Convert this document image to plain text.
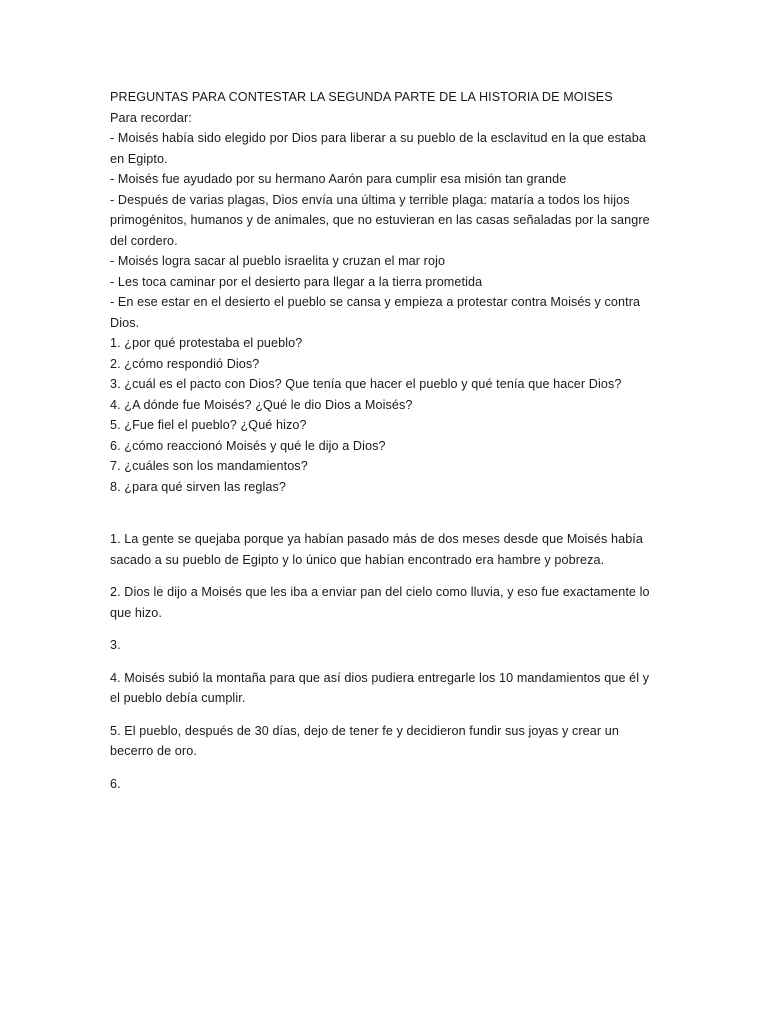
PREGUNTAS PARA CONTESTAR LA SEGUNDA PARTE DE LA HISTORIA DE MOISES
Para recordar:
- Moisés había sido elegido por Dios para liberar a su pueblo de la esclavitud en la que estaba en Egipto.
- Moisés fue ayudado por su hermano Aarón para cumplir esa misión tan grande
- Después de varias plagas, Dios envía una última y terrible plaga: mataría a todos los hijos primogénitos, humanos y de animales, que no estuvieran en las casas señaladas por la sangre del cordero.
- Moisés logra sacar al pueblo israelita y cruzan el mar rojo
- Les toca caminar por el desierto para llegar a la tierra prometida
- En ese estar en el desierto el pueblo se cansa y empieza a protestar contra Moisés y contra Dios.
1. ¿por qué protestaba el pueblo?
2. ¿cómo respondió Dios?
3. ¿cuál es el pacto con Dios? Que tenía que hacer el pueblo y qué tenía que hacer Dios?
4. ¿A dónde fue Moisés? ¿Qué le dio Dios a Moisés?
5. ¿Fue fiel el pueblo? ¿Qué hizo?
6. ¿cómo reaccionó Moisés y qué le dijo a Dios?
7. ¿cuáles son los mandamientos?
8. ¿para qué sirven las reglas?
1. La gente se quejaba porque ya habían pasado más de dos meses desde que Moisés había sacado a su pueblo de Egipto y lo único que habían encontrado era hambre y pobreza.
2. Dios le dijo a Moisés que les iba a enviar pan del cielo como lluvia, y eso fue exactamente lo que hizo.
3.
4. Moisés subió la montaña para que así dios pudiera entregarle los 10 mandamientos que él y el pueblo debía cumplir.
5. El pueblo, después de 30 días, dejo de tener fe y decidieron fundir sus joyas y crear un becerro de oro.
6.
